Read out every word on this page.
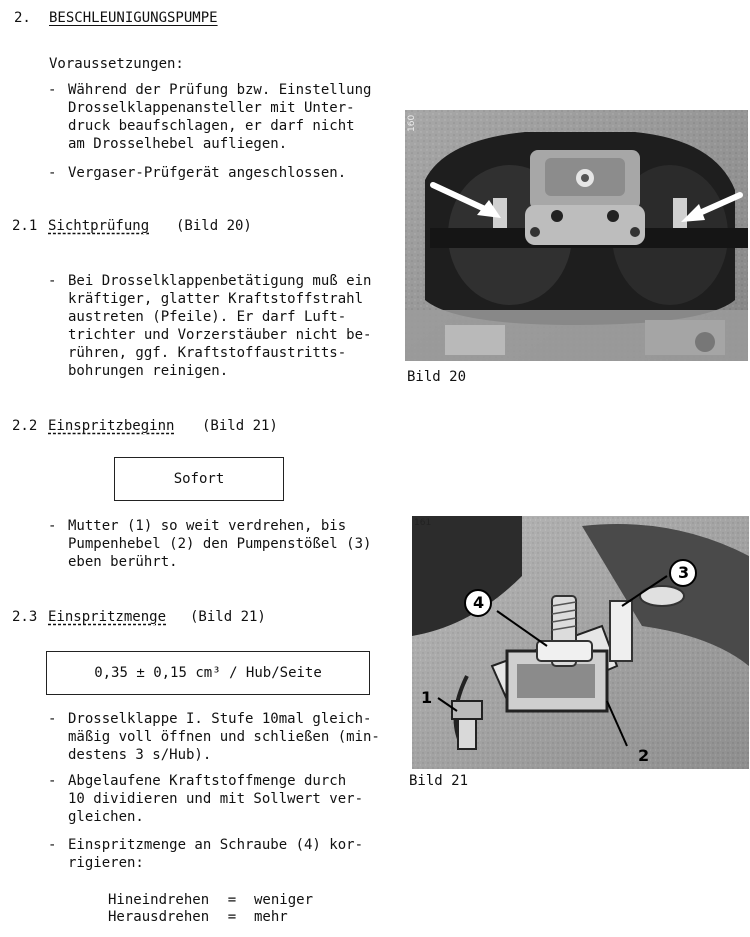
2. BESCHLEUNIGUNGSPUMPE
Voraussetzungen:
- Während der Prüfung bzw. Einstellung
Drosselklappenansteller mit Unter-
druck beaufschlagen, er darf nicht
am Drosselhebel aufliegen.
- Vergaser-Prüfgerät angeschlossen.
2.1 Sichtprüfung (Bild 20)
- Bei Drosselklappenbetätigung muß ein
kräftiger, glatter Kraftstoffstrahl
austreten (Pfeile). Er darf Luft-
trichter und Vorzerstäuber nicht be-
rühren, ggf. Kraftstoffaustritts-
bohrungen reinigen.
2.2 Einspritzbeginn (Bild 21)
Sofort
- Mutter (1) so weit verdrehen, bis
Pumpenhebel (2) den Pumpenstößel (3)
eben berührt.
2.3 Einspritzmenge (Bild 21)
0,35 ± 0,15 cm³ / Hub/Seite
- Drosselklappe I. Stufe 10mal gleich-
mäßig voll öffnen und schließen (min-
destens 3 s/Hub).
- Abgelaufene Kraftstoffmenge durch
10 dividieren und mit Sollwert ver-
gleichen.
- Einspritzmenge an Schraube (4) kor-
rigieren:
Hineindrehen = weniger
Herausdrehen = mehr
160
Bild 20
161
1
2
3
4
Bild 21
